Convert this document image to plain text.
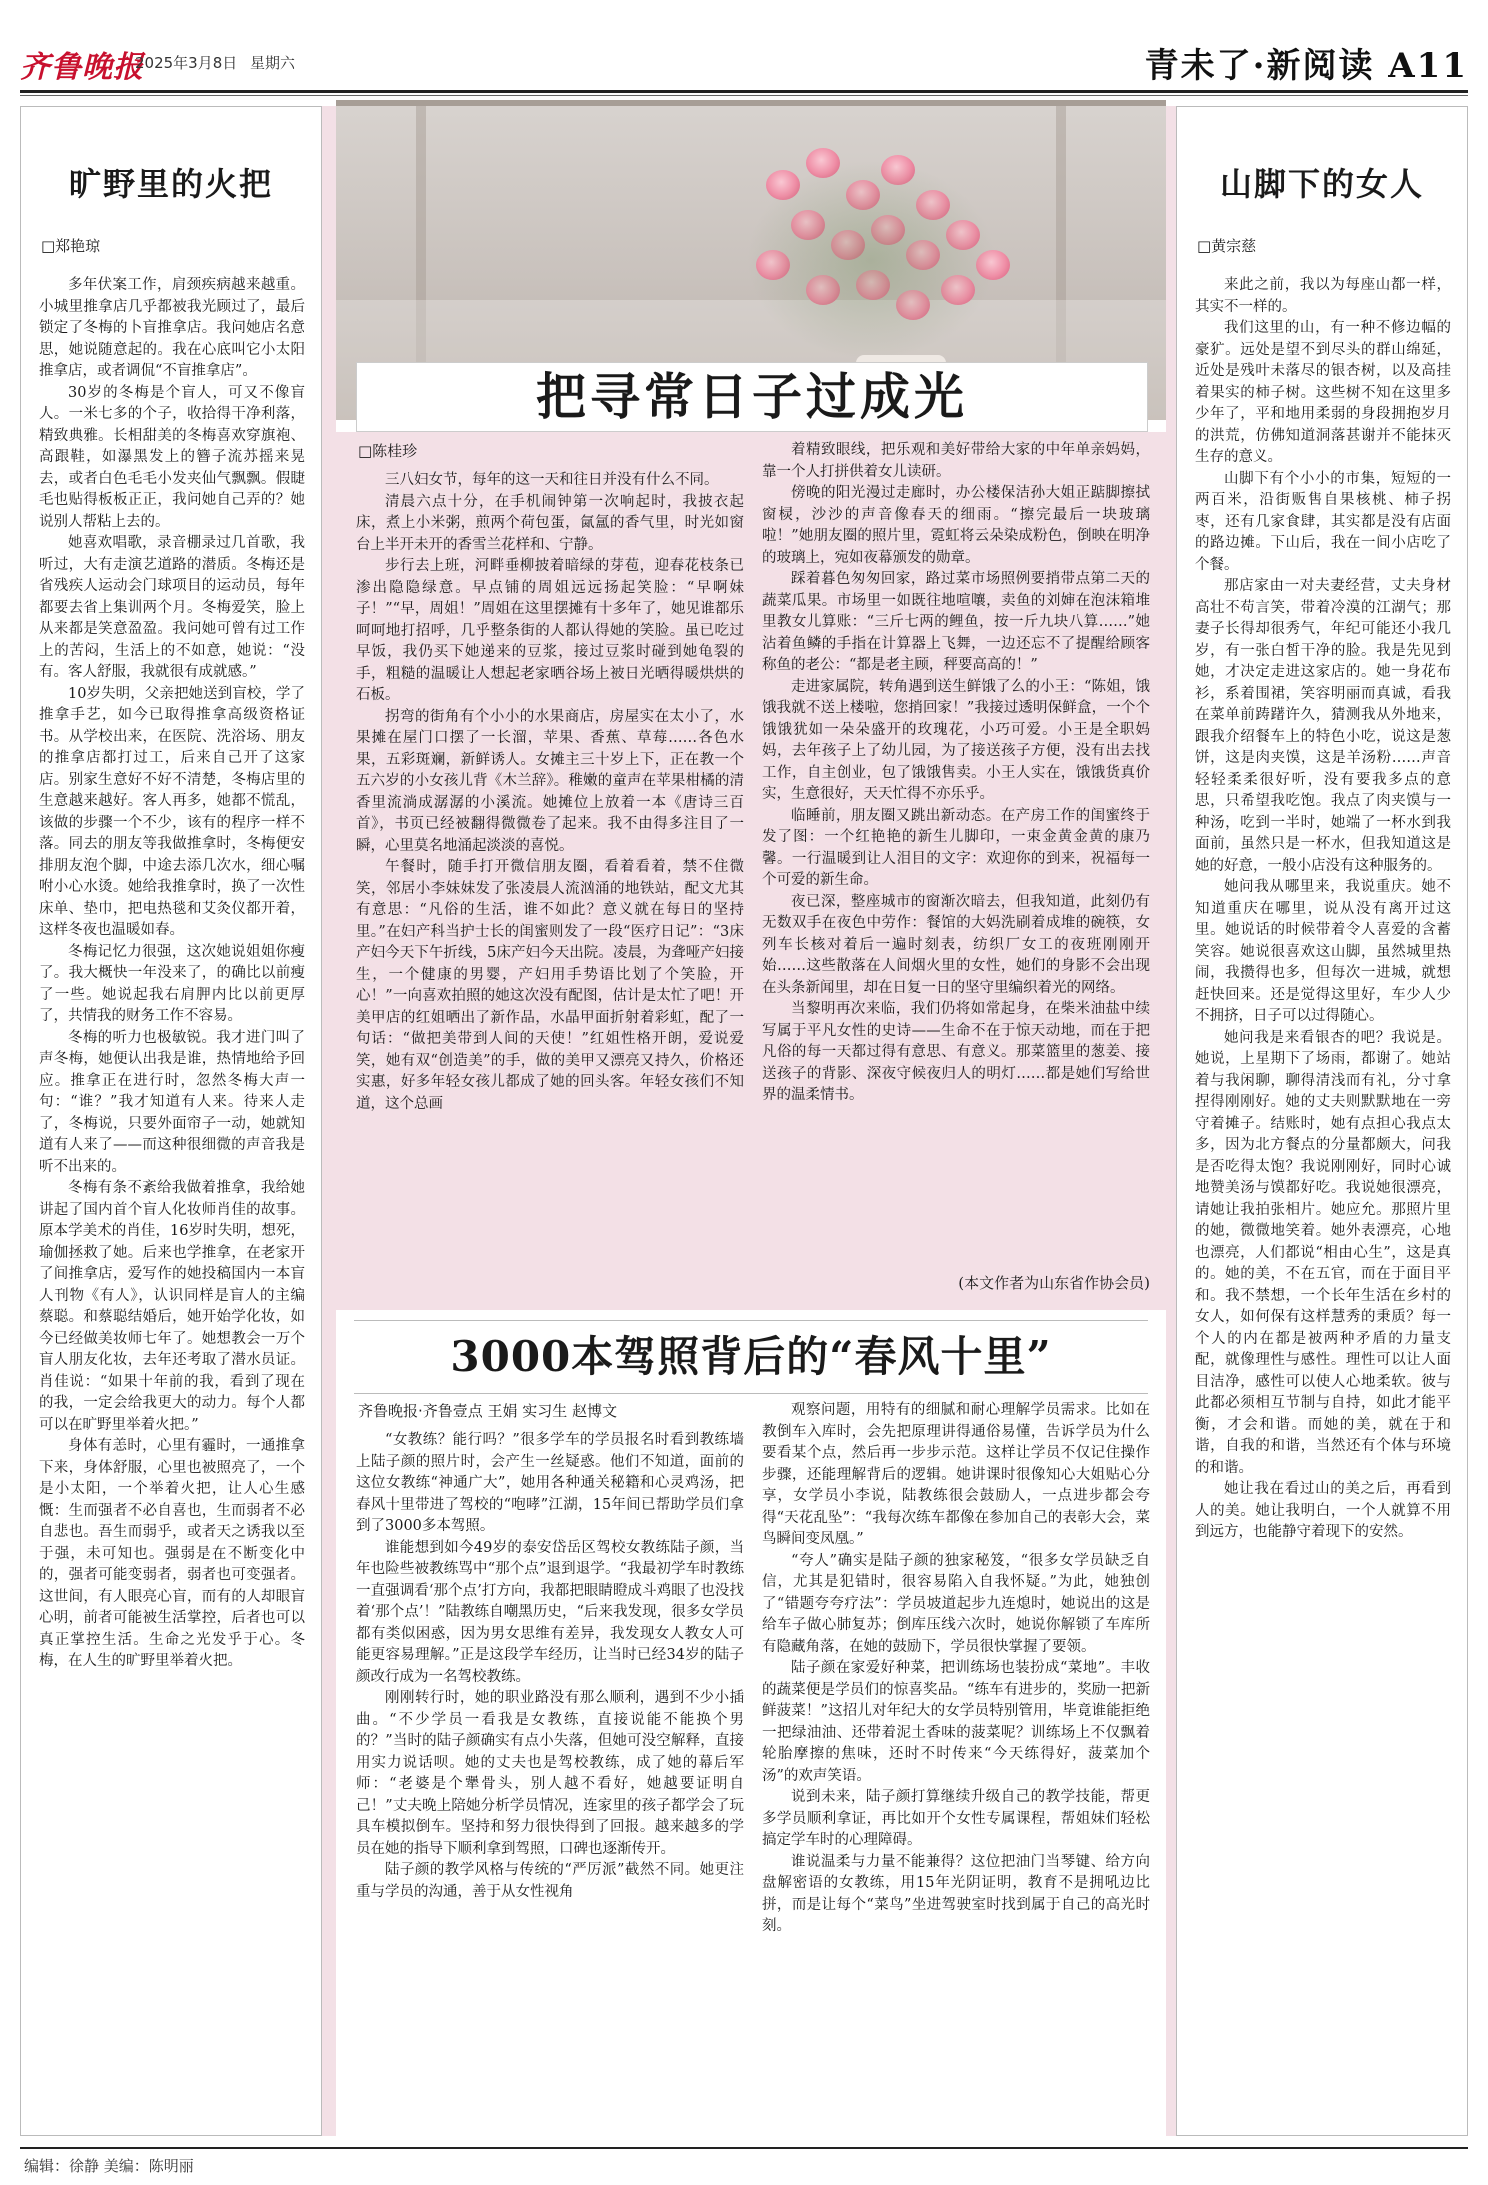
齐鲁晚报
2025年3月8日 星期六	青未了·新阅读 A11
旷野里的火把
□郑艳琼

多年伏案工作，肩颈疾病越来越重。小城里推拿店几乎都被我光顾过了，最后锁定了冬梅的卜盲推拿店。我问她店名意思，她说随意起的。我在心底叫它小太阳推拿店，或者调侃“不盲推拿店”。

30岁的冬梅是个盲人，可又不像盲人。一米七多的个子，收拾得干净利落，精致典雅。长相甜美的冬梅喜欢穿旗袍、高跟鞋，如瀑黑发上的簪子流苏摇来晃去，或者白色毛毛小发夹仙气飘飘。假睫毛也贴得板板正正，我问她自己弄的？她说别人帮粘上去的。

她喜欢唱歌，录音棚录过几首歌，我听过，大有走演艺道路的潜质。冬梅还是省残疾人运动会门球项目的运动员，每年都要去省上集训两个月。冬梅爱笑，脸上从来都是笑意盈盈。我问她可曾有过工作上的苦闷，生活上的不如意，她说：“没有。客人舒服，我就很有成就感。”

10岁失明，父亲把她送到盲校，学了推拿手艺，如今已取得推拿高级资格证书。从学校出来，在医院、洗浴场、朋友的推拿店都打过工，后来自己开了这家店。别家生意好不好不清楚，冬梅店里的生意越来越好。客人再多，她都不慌乱，该做的步骤一个不少，该有的程序一样不落。同去的朋友等我做推拿时，冬梅便安排朋友泡个脚，中途去添几次水，细心嘱咐小心水烫。她给我推拿时，换了一次性床单、垫巾，把电热毯和艾灸仪都开着，这样冬夜也温暖如春。

冬梅记忆力很强，这次她说姐姐你瘦了。我大概快一年没来了，的确比以前瘦了一些。她说起我右肩胛内比以前更厚了，共情我的财务工作不容易。

冬梅的听力也极敏锐。我才进门叫了声冬梅，她便认出我是谁，热情地给予回应。推拿正在进行时，忽然冬梅大声一句：“谁？”我才知道有人来。待来人走了，冬梅说，只要外面帘子一动，她就知道有人来了——而这种很细微的声音我是听不出来的。

冬梅有条不紊给我做着推拿，我给她讲起了国内首个盲人化妆师肖佳的故事。原本学美术的肖佳，16岁时失明，想死，瑜伽拯救了她。后来也学推拿，在老家开了间推拿店，爱写作的她投稿国内一本盲人刊物《有人》，认识同样是盲人的主编蔡聪。和蔡聪结婚后，她开始学化妆，如今已经做美妆师七年了。她想教会一万个盲人朋友化妆，去年还考取了潜水员证。肖佳说：“如果十年前的我，看到了现在的我，一定会给我更大的动力。每个人都可以在旷野里举着火把。”

身体有恙时，心里有霾时，一通推拿下来，身体舒服，心里也被照亮了，一个是小太阳，一个举着火把，让人心生感慨：生而强者不必自喜也，生而弱者不必自悲也。吾生而弱乎，或者天之诱我以至于强，未可知也。强弱是在不断变化中的，强者可能变弱者，弱者也可变强者。这世间，有人眼亮心盲，而有的人却眼盲心明，前者可能被生活掌控，后者也可以真正掌控生活。生命之光发乎于心。冬梅，在人生的旷野里举着火把。

把寻常日子过成光
□陈桂珍

三八妇女节，每年的这一天和往日并没有什么不同。

清晨六点十分，在手机闹钟第一次响起时，我披衣起床，煮上小米粥，煎两个荷包蛋，氤氲的香气里，时光如窗台上半开未开的香雪兰花样和、宁静。

步行去上班，河畔垂柳披着暗绿的芽苞，迎春花枝条已渗出隐隐绿意。早点铺的周姐远远扬起笑脸：“早啊妹子！”“早，周姐！”周姐在这里摆摊有十多年了，她见谁都乐呵呵地打招呼，几乎整条街的人都认得她的笑脸。虽已吃过早饭，我仍买下她递来的豆浆，接过豆浆时碰到她龟裂的手，粗糙的温暖让人想起老家晒谷场上被日光晒得暖烘烘的石板。

拐弯的街角有个小小的水果商店，房屋实在太小了，水果摊在屋门口摆了一长溜，苹果、香蕉、草莓……各色水果，五彩斑斓，新鲜诱人。女摊主三十岁上下，正在教一个五六岁的小女孩儿背《木兰辞》。稚嫩的童声在苹果柑橘的清香里流淌成潺潺的小溪流。她摊位上放着一本《唐诗三百首》，书页已经被翻得微微卷了起来。我不由得多注目了一瞬，心里莫名地涌起淡淡的喜悦。

午餐时，随手打开微信朋友圈，看着看着，禁不住微笑，邻居小李妹妹发了张凌晨人流汹涌的地铁站，配文尤其有意思：“凡俗的生活，谁不如此？意义就在每日的坚持里。”在妇产科当护士长的闺蜜则发了一段“医疗日记”：“3床产妇今天下午折线，5床产妇今天出院。凌晨，为聋哑产妇接生，一个健康的男婴，产妇用手势语比划了个笑脸，开心！”一向喜欢拍照的她这次没有配图，估计是太忙了吧！开美甲店的红姐晒出了新作品，水晶甲面折射着彩虹，配了一句话：“做把美带到人间的天使！”红姐性格开朗，爱说爱笑，她有双“创造美”的手，做的美甲又漂亮又持久，价格还实惠，好多年轻女孩儿都成了她的回头客。年轻女孩们不知道，这个总画

着精致眼线，把乐观和美好带给大家的中年单亲妈妈，靠一个人打拼供着女儿读研。

傍晚的阳光漫过走廊时，办公楼保洁孙大姐正踮脚擦拭窗棂，沙沙的声音像春天的细雨。“擦完最后一块玻璃啦！”她朋友圈的照片里，霓虹将云朵染成粉色，倒映在明净的玻璃上，宛如夜幕颁发的勋章。

踩着暮色匆匆回家，路过菜市场照例要捎带点第二天的蔬菜瓜果。市场里一如既往地喧嚷，卖鱼的刘婶在泡沫箱堆里教女儿算账：“三斤七两的鲤鱼，按一斤九块八算……”她沾着鱼鳞的手指在计算器上飞舞，一边还忘不了提醒给顾客称鱼的老公：“都是老主顾，秤要高高的！”

走进家属院，转角遇到送生鲜饿了么的小王：“陈姐，饿饿我就不送上楼啦，您捎回家！”我接过透明保鲜盒，一个个饿饿犹如一朵朵盛开的玫瑰花，小巧可爱。小王是全职妈妈，去年孩子上了幼儿园，为了接送孩子方便，没有出去找工作，自主创业，包了饿饿售卖。小王人实在，饿饿货真价实，生意很好，天天忙得不亦乐乎。

临睡前，朋友圈又跳出新动态。在产房工作的闺蜜终于发了图：一个红艳艳的新生儿脚印，一束金黄金黄的康乃馨。一行温暖到让人泪目的文字：欢迎你的到来，祝福每一个可爱的新生命。

夜已深，整座城市的窗渐次暗去，但我知道，此刻仍有无数双手在夜色中劳作：餐馆的大妈洗刷着成堆的碗筷，女列车长核对着后一遍时刻表，纺织厂女工的夜班刚刚开始……这些散落在人间烟火里的女性，她们的身影不会出现在头条新闻里，却在日复一日的坚守里编织着光的网络。

当黎明再次来临，我们仍将如常起身，在柴米油盐中续写属于平凡女性的史诗——生命不在于惊天动地，而在于把凡俗的每一天都过得有意思、有意义。那菜篮里的葱姜、接送孩子的背影、深夜守候夜归人的明灯……都是她们写给世界的温柔情书。

(本文作者为山东省作协会员)
3000本驾照背后的“春风十里”
齐鲁晚报·齐鲁壹点 王娟 实习生 赵博文

“女教练？能行吗？”很多学车的学员报名时看到教练墙上陆子颜的照片时，会产生一丝疑惑。他们不知道，面前的这位女教练“神通广大”，她用各种通关秘籍和心灵鸡汤，把春风十里带进了驾校的“咆哮”江湖，15年间已帮助学员们拿到了3000多本驾照。

谁能想到如今49岁的泰安岱岳区驾校女教练陆子颜，当年也险些被教练骂中“那个点”退到退学。“我最初学车时教练一直强调看‘那个点’打方向，我都把眼睛瞪成斗鸡眼了也没找着‘那个点’！”陆教练自嘲黑历史，“后来我发现，很多女学员都有类似困惑，因为男女思维有差异，我发现女人教女人可能更容易理解。”正是这段学车经历，让当时已经34岁的陆子颜改行成为一名驾校教练。

刚刚转行时，她的职业路没有那么顺利，遇到不少小插曲。“不少学员一看我是女教练，直接说能不能换个男的？”当时的陆子颜确实有点小失落，但她可没空解释，直接用实力说话呗。她的丈夫也是驾校教练，成了她的幕后军师：“老婆是个犟骨头，别人越不看好，她越要证明自己！”丈夫晚上陪她分析学员情况，连家里的孩子都学会了玩具车模拟倒车。坚持和努力很快得到了回报。越来越多的学员在她的指导下顺利拿到驾照，口碑也逐渐传开。

陆子颜的教学风格与传统的“严厉派”截然不同。她更注重与学员的沟通，善于从女性视角

观察问题，用特有的细腻和耐心理解学员需求。比如在教倒车入库时，会先把原理讲得通俗易懂，告诉学员为什么要看某个点，然后再一步步示范。这样让学员不仅记住操作步骤，还能理解背后的逻辑。她讲课时很像知心大姐贴心分享，女学员小李说，陆教练很会鼓励人，一点进步都会夸得“天花乱坠”：“我每次练车都像在参加自己的表彰大会，菜鸟瞬间变凤凰。”

“夸人”确实是陆子颜的独家秘笈，“很多女学员缺乏自信，尤其是犯错时，很容易陷入自我怀疑。”为此，她独创了“错题夸夸疗法”：学员坡道起步九连熄时，她说出的这是给车子做心肺复苏；倒库压线六次时，她说你解锁了车库所有隐藏角落，在她的鼓励下，学员很快掌握了要领。

陆子颜在家爱好种菜，把训练场也装扮成“菜地”。丰收的蔬菜便是学员们的惊喜奖品。“练车有进步的，奖励一把新鲜菠菜！”这招儿对年纪大的女学员特别管用，毕竟谁能拒绝一把绿油油、还带着泥土香味的菠菜呢？训练场上不仅飘着轮胎摩擦的焦味，还时不时传来“今天练得好，菠菜加个汤”的欢声笑语。

说到未来，陆子颜打算继续升级自己的教学技能，帮更多学员顺利拿证，再比如开个女性专属课程，帮姐妹们轻松搞定学车时的心理障碍。

谁说温柔与力量不能兼得？这位把油门当琴键、给方向盘解密语的女教练，用15年光阴证明，教育不是拥吼边比拼，而是让每个“菜鸟”坐进驾驶室时找到属于自己的高光时刻。

山脚下的女人
□黄宗慈

来此之前，我以为每座山都一样，其实不一样的。

我们这里的山，有一种不修边幅的豪犷。远处是望不到尽头的群山绵延，近处是残叶未落尽的银杏树，以及高挂着果实的柿子树。这些树不知在这里多少年了，平和地用柔弱的身段拥抱岁月的洪荒，仿佛知道洞落甚谢并不能抹灭生存的意义。

山脚下有个小小的市集，短短的一两百米，沿街贩售自果核桃、柿子拐枣，还有几家食肆，其实都是没有店面的路边摊。下山后，我在一间小店吃了个餐。

那店家由一对夫妻经营，丈夫身材高壮不苟言笑，带着冷漠的江湖气；那妻子长得却很秀气，年纪可能还小我几岁，有一张白皙干净的脸。我是先见到她，才决定走进这家店的。她一身花布衫，系着围裙，笑容明丽而真诚，看我在菜单前踌躇许久，猜测我从外地来，跟我介绍餐车上的特色小吃，说这是葱饼，这是肉夹馍，这是羊汤粉……声音轻轻柔柔很好听，没有要我多点的意思，只希望我吃饱。我点了肉夹馍与一种汤，吃到一半时，她端了一杯水到我面前，虽然只是一杯水，但我知道这是她的好意，一般小店没有这种服务的。

她问我从哪里来，我说重庆。她不知道重庆在哪里，说从没有离开过这里。她说话的时候带着令人喜爱的含蓄笑容。她说很喜欢这山脚，虽然城里热闹，我攒得也多，但每次一进城，就想赶快回来。还是觉得这里好，车少人少不拥挤，日子可以过得随心。

她问我是来看银杏的吧？我说是。她说，上星期下了场雨，都谢了。她站着与我闲聊，聊得清浅而有礼，分寸拿捏得刚刚好。她的丈夫则默默地在一旁守着摊子。结账时，她有点担心我点太多，因为北方餐点的分量都颇大，问我是否吃得太饱？我说刚刚好，同时心诚地赞美汤与馍都好吃。我说她很漂亮，请她让我拍张相片。她应允。那照片里的她，微微地笑着。她外表漂亮，心地也漂亮，人们都说“相由心生”，这是真的。她的美，不在五官，而在于面目平和。我不禁想，一个长年生活在乡村的女人，如何保有这样慧秀的秉质？每一个人的内在都是被两种矛盾的力量支配，就像理性与感性。理性可以让人面目洁净，感性可以使人心地柔软。彼与此都必须相互节制与自持，如此才能平衡，才会和谐。而她的美，就在于和谐，自我的和谐，当然还有个体与环境的和谐。

她让我在看过山的美之后，再看到人的美。她让我明白，一个人就算不用到远方，也能静守着现下的安然。

编辑：徐静 美编：陈明丽
